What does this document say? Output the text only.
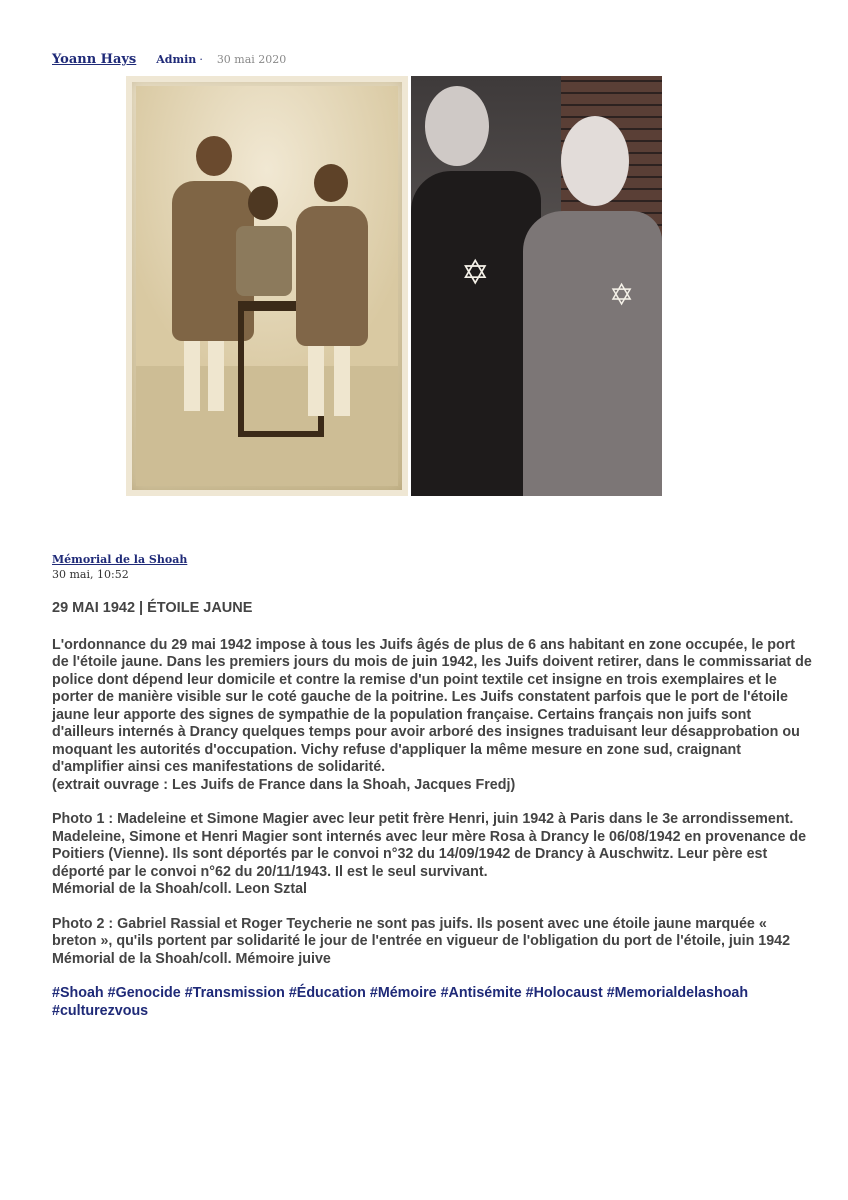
Yoann Hays Admin · 30 mai 2020
✡
✡
Mémorial de la Shoah
30 mai, 10:52
29 MAI 1942 | ÉTOILE JAUNE

L'ordonnance du 29 mai 1942 impose à tous les Juifs âgés de plus de 6 ans habitant en zone occupée, le port de l'étoile jaune. Dans les premiers jours du mois de juin 1942, les Juifs doivent retirer, dans le commissariat de police dont dépend leur domicile et contre la remise d'un point textile cet insigne en trois exemplaires et le porter de manière visible sur le coté gauche de la poitrine. Les Juifs constatent parfois que le port de l'étoile jaune leur apporte des signes de sympathie de la population française. Certains français non juifs sont d'ailleurs internés à Drancy quelques temps pour avoir arboré des insignes traduisant leur désapprobation ou moquant les autorités d'occupation. Vichy refuse d'appliquer la même mesure en zone sud, craignant d'amplifier ainsi ces manifestations de solidarité.
(extrait ouvrage : Les Juifs de France dans la Shoah, Jacques Fredj)

Photo 1 : Madeleine et Simone Magier avec leur petit frère Henri, juin 1942 à Paris dans le 3e arrondissement. Madeleine, Simone et Henri Magier sont internés avec leur mère Rosa à Drancy le 06/08/1942 en provenance de Poitiers (Vienne). Ils sont déportés par le convoi n°32 du 14/09/1942 de Drancy à Auschwitz. Leur père est déporté par le convoi n°62 du 20/11/1943. Il est le seul survivant.
Mémorial de la Shoah/coll. Leon Sztal

Photo 2 : Gabriel Rassial et Roger Teycherie ne sont pas juifs. Ils posent avec une étoile jaune marquée « breton », qu'ils portent par solidarité le jour de l'entrée en vigueur de l'obligation du port de l'étoile, juin 1942
Mémorial de la Shoah/coll. Mémoire juive

#Shoah #Genocide #Transmission #Éducation #Mémoire #Antisémite #Holocaust #Memorialdelashoah #culturezvous
